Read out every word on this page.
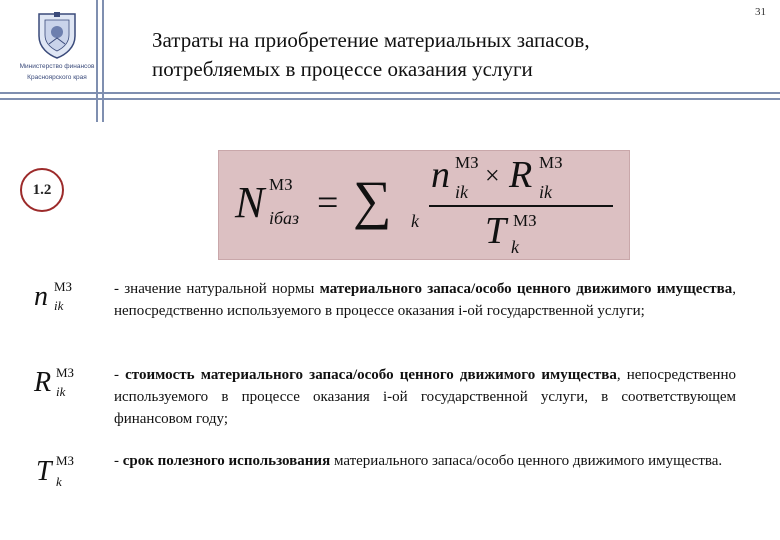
31
Министерство финансов
Красноярского края
Затраты на приобретение материальных запасов,
потребляемых в процессе оказания услуги
1.2	N МЗ
iбаз = ∑ k
n МЗ
ik
× R МЗ
ik
T МЗ
k
n МЗ
ik
- значение натуральной нормы материального запаса/особо ценного движимого имущества, непосредственно используемого в процессе оказания i-ой государственной услуги;
R МЗ
ik
- стоимость материального запаса/особо ценного движимого имущества, непосредственно используемого в процессе оказания i-ой государственной услуги, в соответствующем финансовом году;
T МЗ
k
- срок полезного использования материального запаса/особо ценного движимого имущества.
